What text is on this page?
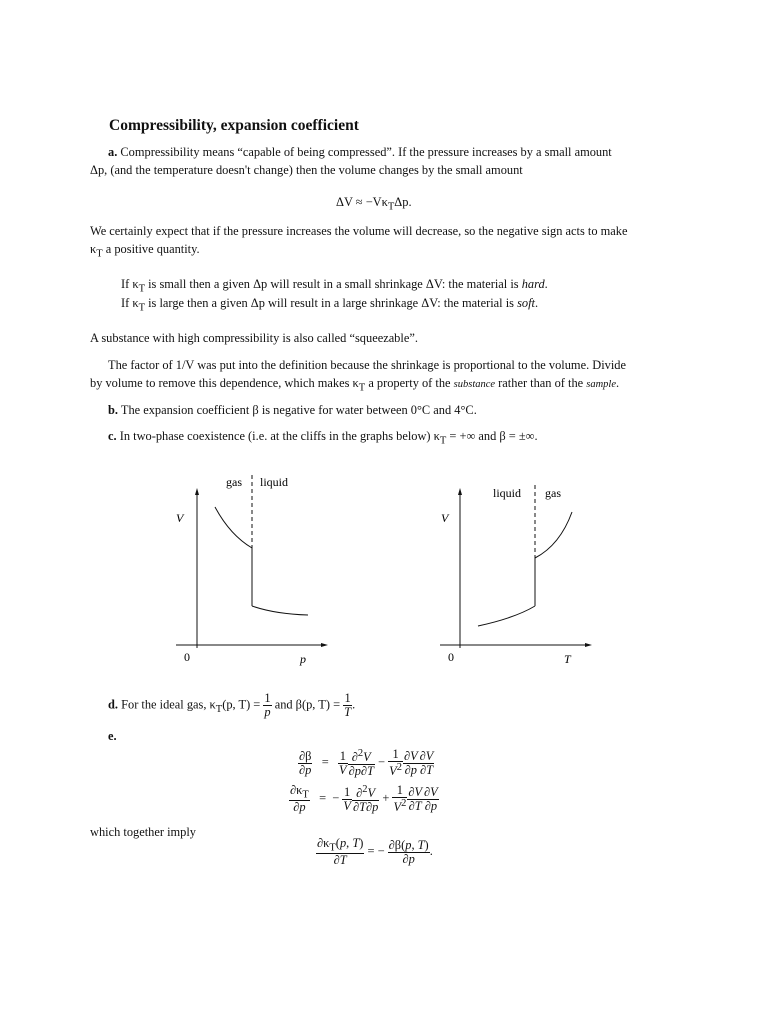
Compressibility, expansion coefficient
a. Compressibility means “capable of being compressed”. If the pressure increases by a small amount
Δp, (and the temperature doesn't change) then the volume changes by the small amount
$\Delta V \approx -V\kappa_T\Delta p$.
We certainly expect that if the pressure increases the volume will decrease, so the negative sign acts to make
$\kappa_T$ a positive quantity.
If $\kappa_T$ is small then a given Δp will result in a small shrinkage ΔV: the material is hard.
If $\kappa_T$ is large then a given Δp will result in a large shrinkage ΔV: the material is soft.
A substance with high compressibility is also called “squeezable”.
The factor of 1/V was put into the definition because the shrinkage is proportional to the volume. Divide
by volume to remove this dependence, which makes $\kappa_T$ a property of the substance rather than of the sample.
b. The expansion coefficient β is negative for water between 0°C and 4°C.
c. In two-phase coexistence (i.e. at the cliffs in the graphs below) $\kappa_T$ = +∞ and β = ±∞.
gas liquid
V
0	p
liquid gas
V
0	T
d. For the ideal gas, $\kappa_T(p$, $T) = \frac{1}{p}$ and β(p, $T) = \frac{1}{T}$ .
e.
$\frac{\partial\beta}{\partial p} = \frac{1}{V} \frac{\partial^2V}{\partial p\partial T} - \frac{1}{V^2} \frac{\partial V}{\partial p} \frac{\partial V}{\partial T}$
$\frac{\partial\kappa_T}{\partial p}$ =  − $\frac{1}{V} \frac{\partial^2V}{\partial T\partial p} + \frac{1}{V^2} \frac{\partial V}{\partial T} \frac{\partial V}{\partial p}$
which together imply
$\frac{\partial\kappa_T(p, T)}{\partial T}$ = − $\frac{\partial\beta(p, T)}{\partial p}$ .
